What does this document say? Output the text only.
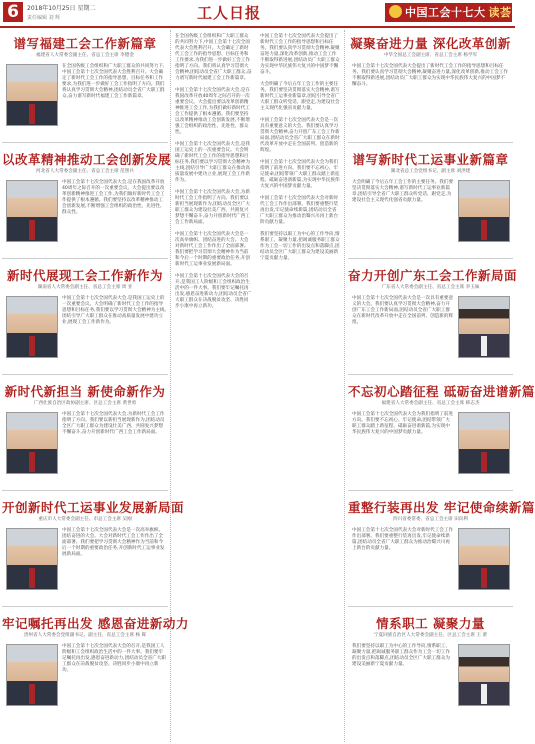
6	2018年10月25日 星期二
责任编辑 刘 辉	工人日报	中国工会十七大 读荟
谱写福建工会工作新篇章
福建省人大常委会副主任、省总工会主席 李德金
在全国各级工会组织和广大职工群众的共同努力下,中国工会第十七次全国代表大会胜利召开。大会确定了新时代工会工作的指导思想、目标任务和工作要求,为我们进一步做好工会工作指明了方向。我们将认真学习贯彻大会精神,团结动员全省广大职工群众,奋力谱写新时代福建工会工作新篇章。
以改革精神推动工会创新发展
河北省人大常委会副主任、省总工会主席 范照兵
中国工会第十七次全国代表大会,是在我国改革开放40周年之际召开的一次重要会议。大会提出要以改革创新精神推进工会工作,为我们做好新时代工会工作提供了根本遵循。我们要坚持以改革精神推动工会创新发展,不断增强工会组织的政治性、先进性、群众性。
新时代展现工会工作新作为
湖南省人大常委会副主任、省总工会主席 周 亚
中国工会第十七次全国代表大会,是我国工运史上的一次重要会议。大会明确了新时代工会工作的指导思想和目标任务,我们要以学习贯彻大会精神为主线,团结引导广大职工群众在推动高质量发展中建功立业,展现工会工作新作为。
新时代新担当 新使命新作为
广西壮族自治区政协副主席、区总工会主席 黄世勇
中国工会第十七次全国代表大会,为新时代工会工作指明了方向。我们要以新担当展现新作为,团结动员全区广大职工群众为建设壮美广西、共圆复兴梦想不懈奋斗,奋力开创新时代广西工会工作新局面。
开创新时代工运事业发展新局面
重庆市人大常委会副主任、市总工会主席 吴刚
中国工会第十七次全国代表大会是一次高举旗帜、团结奋进的大会。大会对新时代工会工作作出了全面部署。我们要把学习贯彻大会精神作为当前和今后一个时期的重要政治任务,开创新时代工运事业发展新局面。
牢记嘱托再出发 感恩奋进新动力
贵州省人大常委会党组副书记、副主任、省总工会主席 杨 晖
中国工会第十七次全国代表大会的召开,是我国工人阶级和工会组织政治生活中的一件大事。我们要牢记嘱托再出发,感恩奋进新动力,团结动员全省广大职工群众在决战脱贫攻坚、决胜同步小康中再立新功。
在全国各级工会组织和广大职工群众的共同努力下,中国工会第十七次全国代表大会胜利召开。大会确定了新时代工会工作的指导思想、目标任务和工作要求,为我们进一步做好工会工作指明了方向。我们将认真学习贯彻大会精神,团结动员全省广大职工群众,奋力谱写新时代福建工会工作新篇章。

中国工会第十七次全国代表大会,是在我国改革开放40周年之际召开的一次重要会议。大会提出要以改革创新精神推进工会工作,为我们做好新时代工会工作提供了根本遵循。我们要坚持以改革精神推动工会创新发展,不断增强工会组织的政治性、先进性、群众性。

中国工会第十七次全国代表大会,是我国工运史上的一次重要会议。大会明确了新时代工会工作的指导思想和目标任务,我们要以学习贯彻大会精神为主线,团结引导广大职工群众在推动高质量发展中建功立业,展现工会工作新作为。

中国工会第十七次全国代表大会,为新时代工会工作指明了方向。我们要以新担当展现新作为,团结动员全区广大职工群众为建设壮美广西、共圆复兴梦想不懈奋斗,奋力开创新时代广西工会工作新局面。

中国工会第十七次全国代表大会是一次高举旗帜、团结奋进的大会。大会对新时代工会工作作出了全面部署。我们要把学习贯彻大会精神作为当前和今后一个时期的重要政治任务,开创新时代工运事业发展新局面。

中国工会第十七次全国代表大会的召开,是我国工人阶级和工会组织政治生活中的一件大事。我们要牢记嘱托再出发,感恩奋进新动力,团结动员全省广大职工群众在决战脱贫攻坚、决胜同步小康中再立新功。
中国工会第十七次全国代表大会提出了新时代工会工作的指导思想和目标任务。我们要认真学习贯彻大会精神,凝聚奋进力量,深化改革创新,推动工会工作不断取得新进展,团结动员广大职工群众为实现中华民族伟大复兴的中国梦不懈奋斗。

大会明确了今后五年工会工作的主要任务。我们要坚决贯彻落实大会精神,谱写新时代工运事业新篇章,团结引导全省广大职工群众听党话、跟党走,为建设社会主义现代化强省贡献力量。

中国工会第十七次全国代表大会是一次具有重要意义的大会。我们要认真学习贯彻大会精神,奋力开创广东工会工作新局面,团结动员全省广大职工群众在新时代改革开放中走在全国前列、创造新的辉煌。

中国工会第十七次全国代表大会为我们指明了前进方向。我们要不忘初心、牢记使命,团结带领广大职工群众踏上新征程、砥砺奋进谱新篇,为实现中华民族伟大复兴的中国梦贡献力量。

中国工会第十七次全国代表大会对新时代工会工作作出部署。我们要重整行装再出发,牢记使命续新篇,团结动员全省广大职工群众为推动治蜀兴川再上新台阶贡献力量。

我们要坚持以职工为中心的工作导向,情系职工、凝聚力量,把竭诚服务职工群众作为工会一切工作的出发点和落脚点,团结动员全区广大职工群众为建设美丽新宁夏贡献力量。
凝聚奋进力量 深化改革创新
中华全国总工会副主席、省总工会主席 杨学军
中国工会第十七次全国代表大会提出了新时代工会工作的指导思想和目标任务。我们要认真学习贯彻大会精神,凝聚奋进力量,深化改革创新,推动工会工作不断取得新进展,团结动员广大职工群众为实现中华民族伟大复兴的中国梦不懈奋斗。
谱写新时代工运事业新篇章
湖北省总工会党组书记、副主席 刘洪建
大会明确了今后五年工会工作的主要任务。我们要坚决贯彻落实大会精神,谱写新时代工运事业新篇章,团结引导全省广大职工群众听党话、跟党走,为建设社会主义现代化强省贡献力量。
奋力开创广东工会工作新局面
广东省人大常委会副主任、省总工会主席 李玉妹
中国工会第十七次全国代表大会是一次具有重要意义的大会。我们要认真学习贯彻大会精神,奋力开创广东工会工作新局面,团结动员全省广大职工群众在新时代改革开放中走在全国前列、创造新的辉煌。
不忘初心踏征程 砥砺奋进谱新篇
福建省人大常委会副主任、省总工会主席 韩志杰
中国工会第十七次全国代表大会为我们指明了前进方向。我们要不忘初心、牢记使命,团结带领广大职工群众踏上新征程、砥砺奋进谱新篇,为实现中华民族伟大复兴的中国梦贡献力量。
重整行装再出发 牢记使命续新篇
四川省委常委、省总工会主席 田向利
中国工会第十七次全国代表大会对新时代工会工作作出部署。我们要重整行装再出发,牢记使命续新篇,团结动员全省广大职工群众为推动治蜀兴川再上新台阶贡献力量。
情系职工 凝聚力量
宁夏回族自治区人大常委会副主任、区总工会主席 王 蕾
我们要坚持以职工为中心的工作导向,情系职工、凝聚力量,把竭诚服务职工群众作为工会一切工作的出发点和落脚点,团结动员全区广大职工群众为建设美丽新宁夏贡献力量。
